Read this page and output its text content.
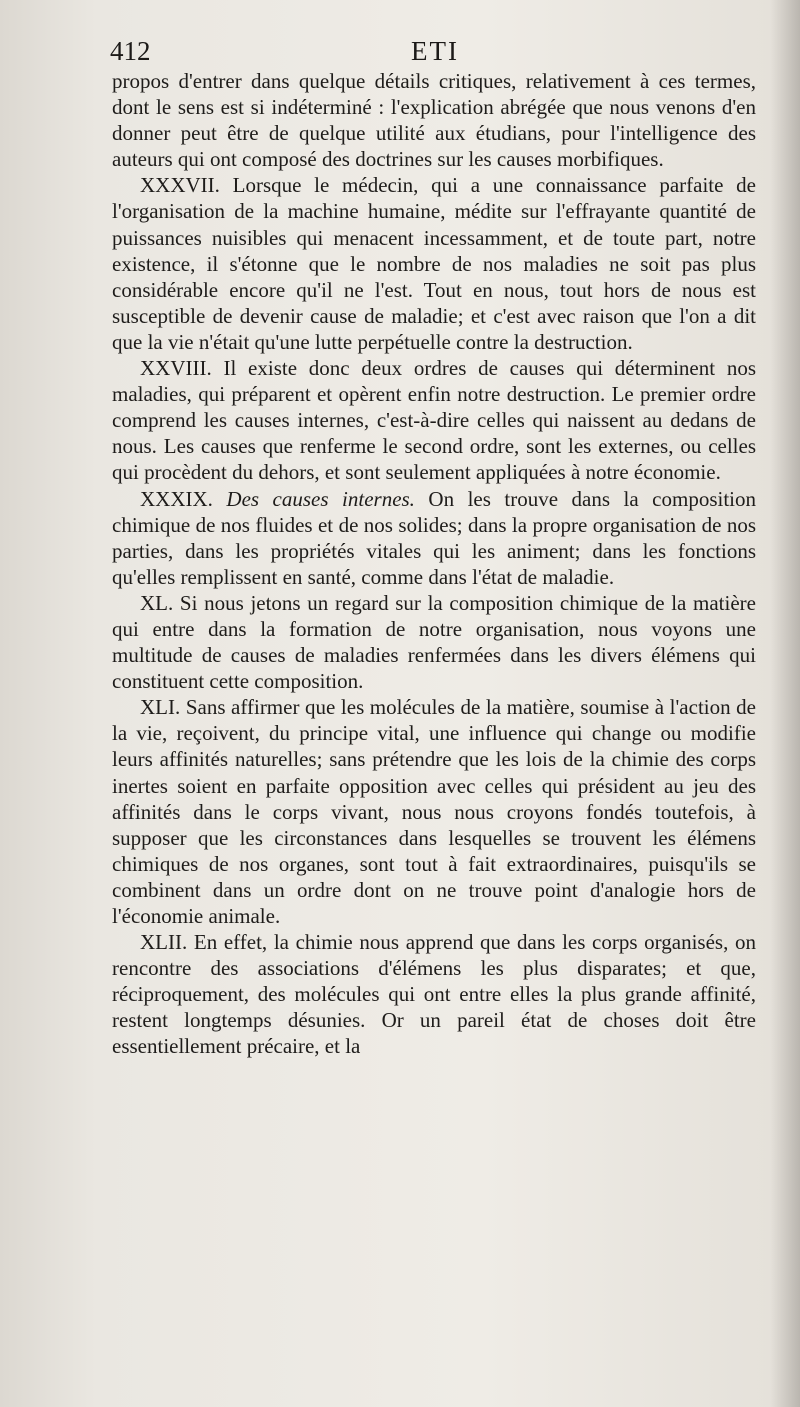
412	ETI

propos d'entrer dans quelque détails critiques, relativement à ces termes, dont le sens est si indéterminé : l'explication abrégée que nous venons d'en donner peut être de quelque utilité aux étudians, pour l'intelligence des auteurs qui ont composé des doctrines sur les causes morbifiques.

XXXVII. Lorsque le médecin, qui a une connaissance parfaite de l'organisation de la machine humaine, médite sur l'effrayante quantité de puissances nuisibles qui menacent incessamment, et de toute part, notre existence, il s'étonne que le nombre de nos maladies ne soit pas plus considérable encore qu'il ne l'est. Tout en nous, tout hors de nous est susceptible de devenir cause de maladie; et c'est avec raison que l'on a dit que la vie n'était qu'une lutte perpétuelle contre la destruction.

XXVIII. Il existe donc deux ordres de causes qui déterminent nos maladies, qui préparent et opèrent enfin notre destruction. Le premier ordre comprend les causes internes, c'est-à-dire celles qui naissent au dedans de nous. Les causes que renferme le second ordre, sont les externes, ou celles qui procèdent du dehors, et sont seulement appliquées à notre économie.

XXXIX. Des causes internes. On les trouve dans la composition chimique de nos fluides et de nos solides; dans la propre organisation de nos parties, dans les propriétés vitales qui les animent; dans les fonctions qu'elles remplissent en santé, comme dans l'état de maladie.

XL. Si nous jetons un regard sur la composition chimique de la matière qui entre dans la formation de notre organisation, nous voyons une multitude de causes de maladies renfermées dans les divers élémens qui constituent cette composition.

XLI. Sans affirmer que les molécules de la matière, soumise à l'action de la vie, reçoivent, du principe vital, une influence qui change ou modifie leurs affinités naturelles; sans prétendre que les lois de la chimie des corps inertes soient en parfaite opposition avec celles qui président au jeu des affinités dans le corps vivant, nous nous croyons fondés toutefois, à supposer que les circonstances dans lesquelles se trouvent les élémens chimiques de nos organes, sont tout à fait extraordinaires, puisqu'ils se combinent dans un ordre dont on ne trouve point d'analogie hors de l'économie animale.

XLII. En effet, la chimie nous apprend que dans les corps organisés, on rencontre des associations d'élémens les plus disparates; et que, réciproquement, des molécules qui ont entre elles la plus grande affinité, restent longtemps désunies. Or un pareil état de choses doit être essentiellement précaire, et la
